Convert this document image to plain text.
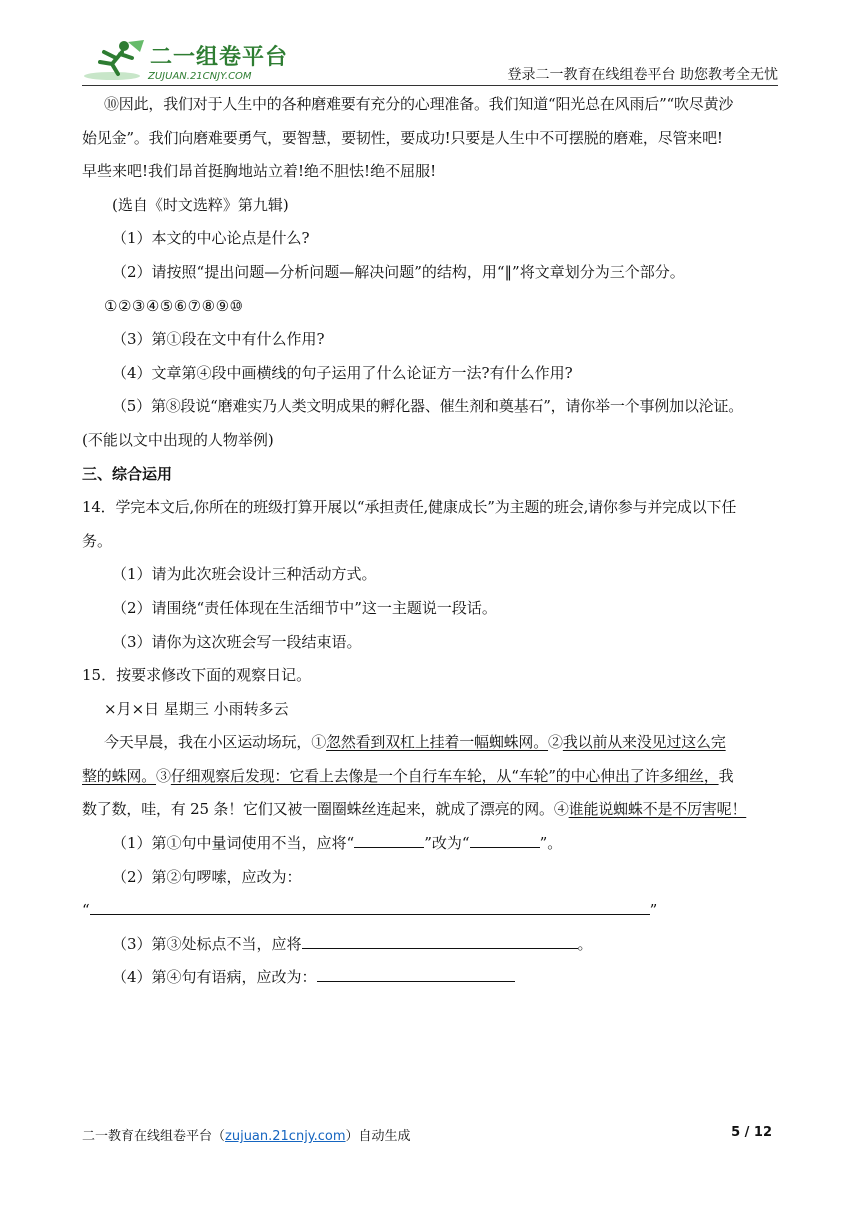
二一组卷平台
ZUJUAN.21CNJY.COM	登录二一教育在线组卷平台 助您教考全无忧

⑩因此，我们对于人生中的各种磨难要有充分的心理准备。我们知道“阳光总在风雨后”“吹尽黄沙

始见金”。我们向磨难要勇气，要智慧，要韧性，要成功!只要是人生中不可摆脱的磨难，尽管来吧!

早些来吧!我们昂首挺胸地站立着!绝不胆怯!绝不屈服!

(选自《时文选粹》第九辑)

（1）本文的中心论点是什么?

（2）请按照“提出问题—分析问题—解决问题”的结构，用“‖”将文章划分为三个部分。

①②③④⑤⑥⑦⑧⑨⑩

（3）第①段在文中有什么作用?

（4）文章第④段中画横线的句子运用了什么论证方一法?有什么作用?

（5）第⑧段说“磨难实乃人类文明成果的孵化器、催生剂和奠基石”，请你举一个事例加以沦证。

(不能以文中出现的人物举例)

三、综合运用

14．学完本文后,你所在的班级打算开展以“承担责任,健康成长”为主题的班会,请你参与并完成以下任

务。

（1）请为此次班会设计三种活动方式。

（2）请围绕“责任体现在生活细节中”这一主题说一段话。

（3）请你为这次班会写一段结束语。

15．按要求修改下面的观察日记。

×月×日 星期三 小雨转多云

今天早晨，我在小区运动场玩，①忽然看到双杠上挂着一幅蜘蛛网。②我以前从来没见过这么完

整的蛛网。③仔细观察后发现：它看上去像是一个自行车车轮，从“车轮”的中心伸出了许多细丝，我

数了数，哇，有 25 条！它们又被一圈圈蛛丝连起来，就成了漂亮的网。④谁能说蜘蛛不是不厉害呢！

（1）第①句中量词使用不当，应将“	”改为“	”。

（2）第②句啰嗦，应改为：

“	”

（3）第③处标点不当，应将	。

（4）第④句有语病，应改为：

二一教育在线组卷平台（zujuan.21cnjy.com）自动生成	5 / 12
